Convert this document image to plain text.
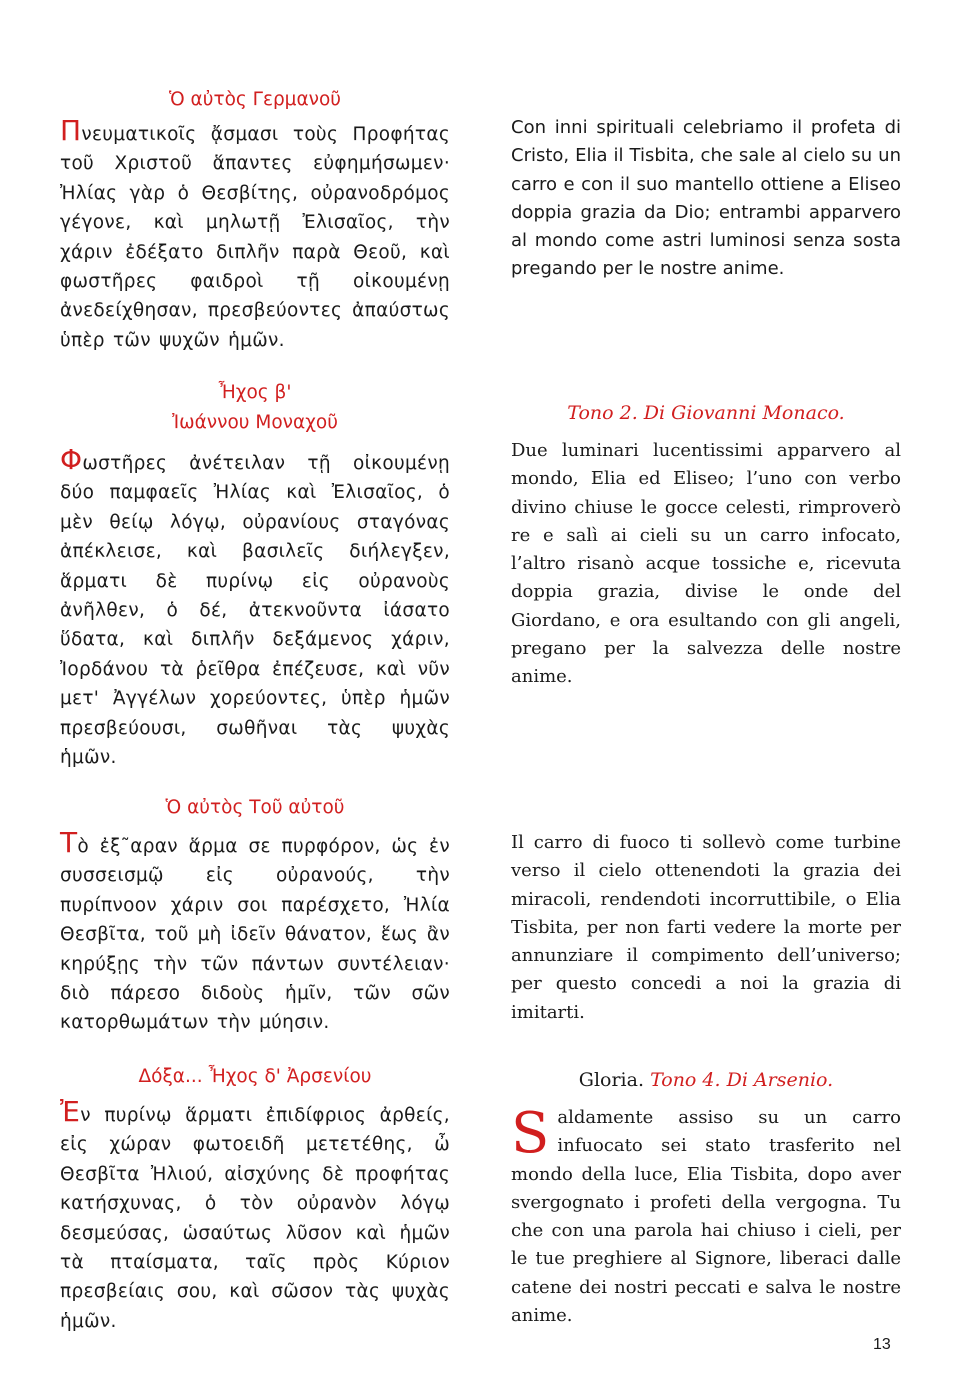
Ὁ αὐτὸς Γερμανοῦ
Πνευματικοῖς ᾄσμασι τοὺς Προφήτας τοῦ Χριστοῦ ἅπαντες εὐφημήσωμεν· Ἠλίας γὰρ ὁ Θεσβίτης, οὐρανοδρόμος γέγονε, καὶ μηλωτῇ Ἐλισαῖος, τὴν χάριν ἐδέξατο διπλῆν παρὰ Θεοῦ, καὶ φωστῆρες φαιδροὶ τῇ οἰκουμένῃ ἀνεδείχθησαν, πρεσβεύοντες ἀπαύστως ὑπὲρ τῶν ψυχῶν ἡμῶν.
Con inni spirituali celebriamo il profeta di Cristo, Elia il Tisbita, che sale al cielo su un carro e con il suo mantello ottiene a Eliseo doppia grazia da Dio; entrambi apparvero al mondo come astri luminosi senza sosta pregando per le nostre anime.
Ἦχος β'
Ἰωάννου Μοναχοῦ
Φωστῆρες ἀνέτειλαν τῇ οἰκουμένῃ δύο παμφαεῖς Ἠλίας καὶ Ἐλισαῖος, ὁ μὲν θείῳ λόγῳ, οὐρανίους σταγόνας ἀπέκλεισε, καὶ βασιλεῖς διήλεγξεν, ἅρματι δὲ πυρίνῳ εἰς οὐρανοὺς ἀνῆλθεν, ὁ δέ, ἀτεκνοῦντα ἰάσατο ὕδατα, καὶ διπλῆν δεξάμενος χάριν, Ἰορδάνου τὰ ῥεῖθρα ἐπέζευσε, καὶ νῦν μετ' Ἀγγέλων χορεύοντες, ὑπὲρ ἡμῶν πρεσβεύουσι, σωθῆναι τὰς ψυχὰς ἡμῶν.
Tono 2. Di Giovanni Monaco.
Due luminari lucentissimi apparvero al mondo, Elia ed Eliseo; l’uno con verbo divino chiuse le gocce celesti, rimproverò re e salì ai cieli su un carro infocato, l’altro risanò acque tossiche e, ricevuta doppia grazia, divise le onde del Giordano, e ora esultando con gli angeli, pregano per la salvezza delle nostre anime.
Ὁ αὐτὸς Τοῦ αὐτοῦ
Τὸ ἐξ῀αραν ἅρμα σε πυρφόρον, ὡς ἐν συσσεισμῷ εἰς οὐρανούς, τὴν πυρίπνοον χάριν σοι παρέσχετο, Ἠλία Θεσβῖτα, τοῦ μὴ ἰδεῖν θάνατον, ἕως ἂν κηρύξῃς τὴν τῶν πάντων συντέλειαν· διὸ πάρεσο διδοὺς ἡμῖν, τῶν σῶν κατορθωμάτων τὴν μύησιν.
Il carro di fuoco ti sollevò come turbine verso il cielo ottenendoti la grazia dei miracoli, rendendoti incorruttibile, o Elia Tisbita, per non farti vedere la morte per annunziare il compimento dell’universo; per questo concedi a noi la grazia di imitarti.
Δόξα... Ἦχος δ' Ἀρσενίου
Ἐν πυρίνῳ ἅρματι ἐπιδίφριος ἀρθείς, εἰς χώραν φωτοειδῆ μετετέθης, ὦ Θεσβῖτα Ἠλιού, αἰσχύνης δὲ προφήτας κατήσχυνας, ὁ τὸν οὐρανὸν λόγῳ δεσμεύσας, ὡσαύτως λῦσον καὶ ἡμῶν τὰ πταίσματα, ταῖς πρὸς Κύριον πρεσβείαις σου, καὶ σῶσον τὰς ψυχὰς ἡμῶν.
Gloria. Tono 4. Di Arsenio.
Saldamente assiso su un carro infuocato sei stato trasferito nel mondo della luce, Elia Tisbita, dopo aver svergognato i profeti della vergogna. Tu che con una parola hai chiuso i cieli, per le tue preghiere al Signore, liberaci dalle catene dei nostri peccati e salva le nostre anime.
13
